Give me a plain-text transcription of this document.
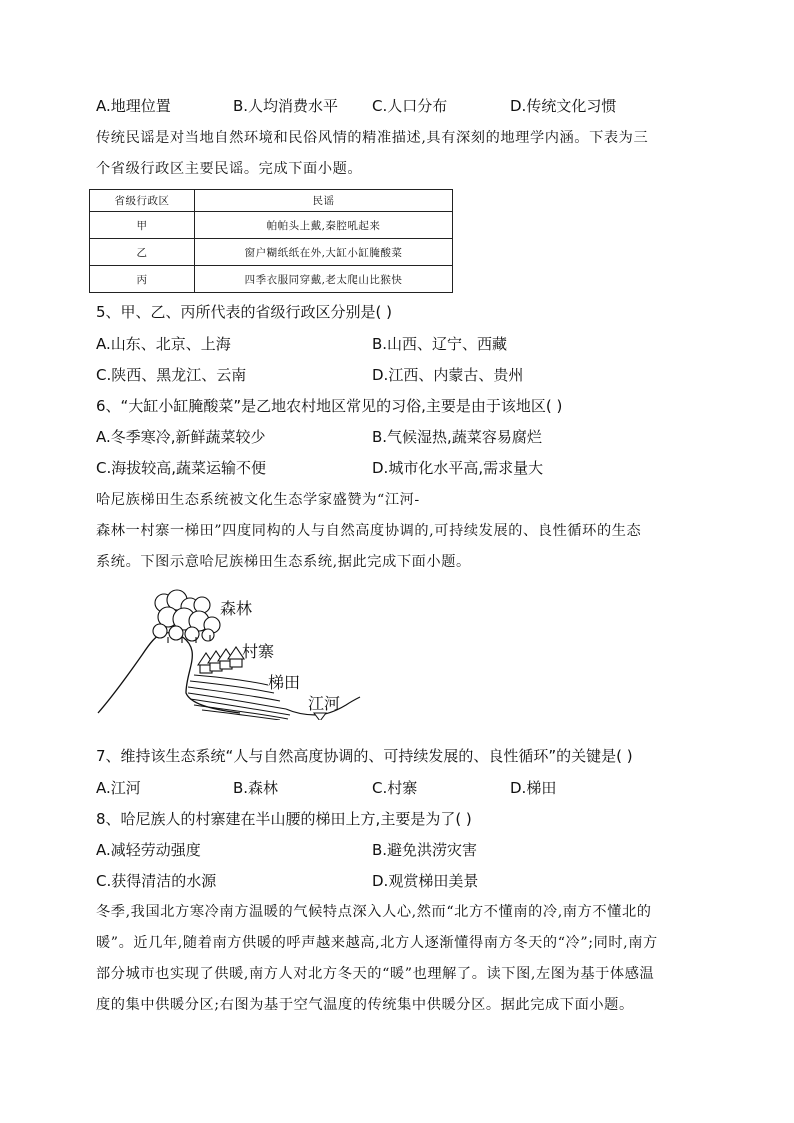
A.地理位置	B.人均消费水平 C.人口分布	D.传统文化习惯
传统民谣是对当地自然环境和民俗风情的精准描述,具有深刻的地理学内涵。下表为三
个省级行政区主要民谣。完成下面小题。
省级行政区	民谣
甲	帕帕头上戴,秦腔吼起来
乙	窗户糊纸纸在外,大缸小缸腌酸菜
丙	四季衣服同穿戴,老太爬山比猴快
5、甲、乙、丙所代表的省级行政区分别是( )
A.山东、北京、上海	B.山西、辽宁、西藏
C.陕西、黑龙江、云南	D.江西、内蒙古、贵州
6、“大缸小缸腌酸菜”是乙地农村地区常见的习俗,主要是由于该地区( )
A.冬季寒冷,新鲜蔬菜较少	B.气候湿热,蔬菜容易腐烂
C.海拔较高,蔬菜运输不便	D.城市化水平高,需求量大
哈尼族梯田生态系统被文化生态学家盛赞为“江河-
森林一村寨一梯田”四度同构的人与自然高度协调的,可持续发展的、良性循环的生态
系统。下图示意哈尼族梯田生态系统,据此完成下面小题。
森林
村寨
梯田
江河
7、维持该生态系统“人与自然高度协调的、可持续发展的、良性循环”的关键是( )
A.江河	B.森林	C.村寨	D.梯田
8、哈尼族人的村寨建在半山腰的梯田上方,主要是为了( )
A.减轻劳动强度	B.避免洪涝灾害
C.获得清洁的水源	D.观赏梯田美景
冬季,我国北方寒冷南方温暖的气候特点深入人心,然而“北方不懂南的冷,南方不懂北的
暖”。近几年,随着南方供暖的呼声越来越高,北方人逐渐懂得南方冬天的“冷”;同时,南方
部分城市也实现了供暖,南方人对北方冬天的“暖”也理解了。读下图,左图为基于体感温
度的集中供暖分区;右图为基于空气温度的传统集中供暖分区。据此完成下面小题。
